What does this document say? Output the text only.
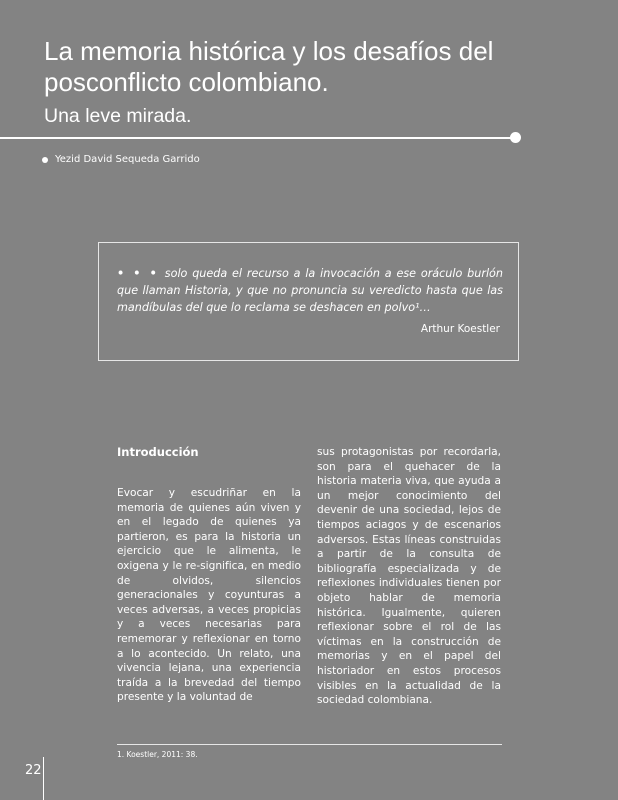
La memoria histórica y los desafíos del posconflicto colombiano.
Una leve mirada.
Yezid David Sequeda Garrido
• • • solo queda el recurso a la invocación a ese oráculo burlón que llaman Historia, y que no pronuncia su veredicto hasta que las mandíbulas del que lo reclama se deshacen en polvo¹…
Arthur Koestler
Introducción
Evocar y escudriñar en la memoria de quienes aún viven y en el legado de quienes ya partieron, es para la historia un ejercicio que le alimenta, le oxigena y le re-significa, en medio de olvidos, silencios generacionales y coyunturas a veces adversas, a veces propicias y a veces necesarias para rememorar y reflexionar en torno a lo acontecido. Un relato, una vivencia lejana, una experiencia traída a la brevedad del tiempo presente y la voluntad de
sus protagonistas por recordarla, son para el quehacer de la historia materia viva, que ayuda a un mejor conocimiento del devenir de una sociedad, lejos de tiempos aciagos y de escenarios adversos. Estas líneas construidas a partir de la consulta de bibliografía especializada y de reflexiones individuales tienen por objeto hablar de memoria histórica. Igualmente, quieren reflexionar sobre el rol de las víctimas en la construcción de memorias y en el papel del historiador en estos procesos visibles en la actualidad de la sociedad colombiana.
1. Koestler, 2011: 38.
22
